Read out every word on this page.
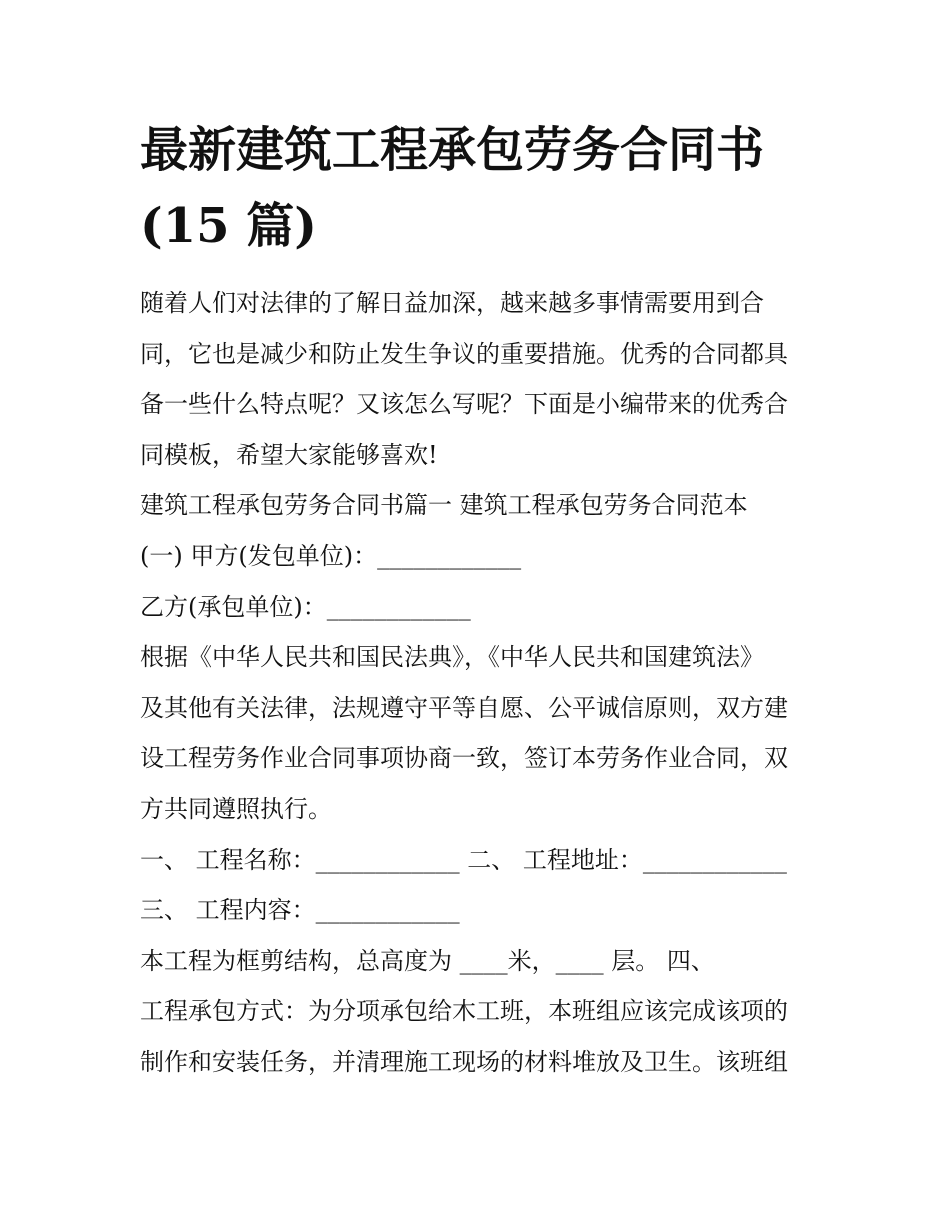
最新建筑工程承包劳务合同书
(15 篇)
随着人们对法律的了解日益加深，越来越多事情需要用到合
同，它也是减少和防止发生争议的重要措施。优秀的合同都具
备一些什么特点呢？又该怎么写呢？下面是小编带来的优秀合
同模板，希望大家能够喜欢!
建筑工程承包劳务合同书篇一 建筑工程承包劳务合同范本
(一) 甲方(发包单位)：____________
乙方(承包单位)：____________
根据《中华人民共和国民法典》，《中华人民共和国建筑法》
及其他有关法律，法规遵守平等自愿、公平诚信原则，双方建
设工程劳务作业合同事项协商一致，签订本劳务作业合同，双
方共同遵照执行。
一、 工程名称：____________ 二、 工程地址：____________
三、 工程内容：____________
本工程为框剪结构，总高度为 ____米，____ 层。 四、
工程承包方式：为分项承包给木工班，本班组应该完成该项的
制作和安装任务，并清理施工现场的材料堆放及卫生。该班组
